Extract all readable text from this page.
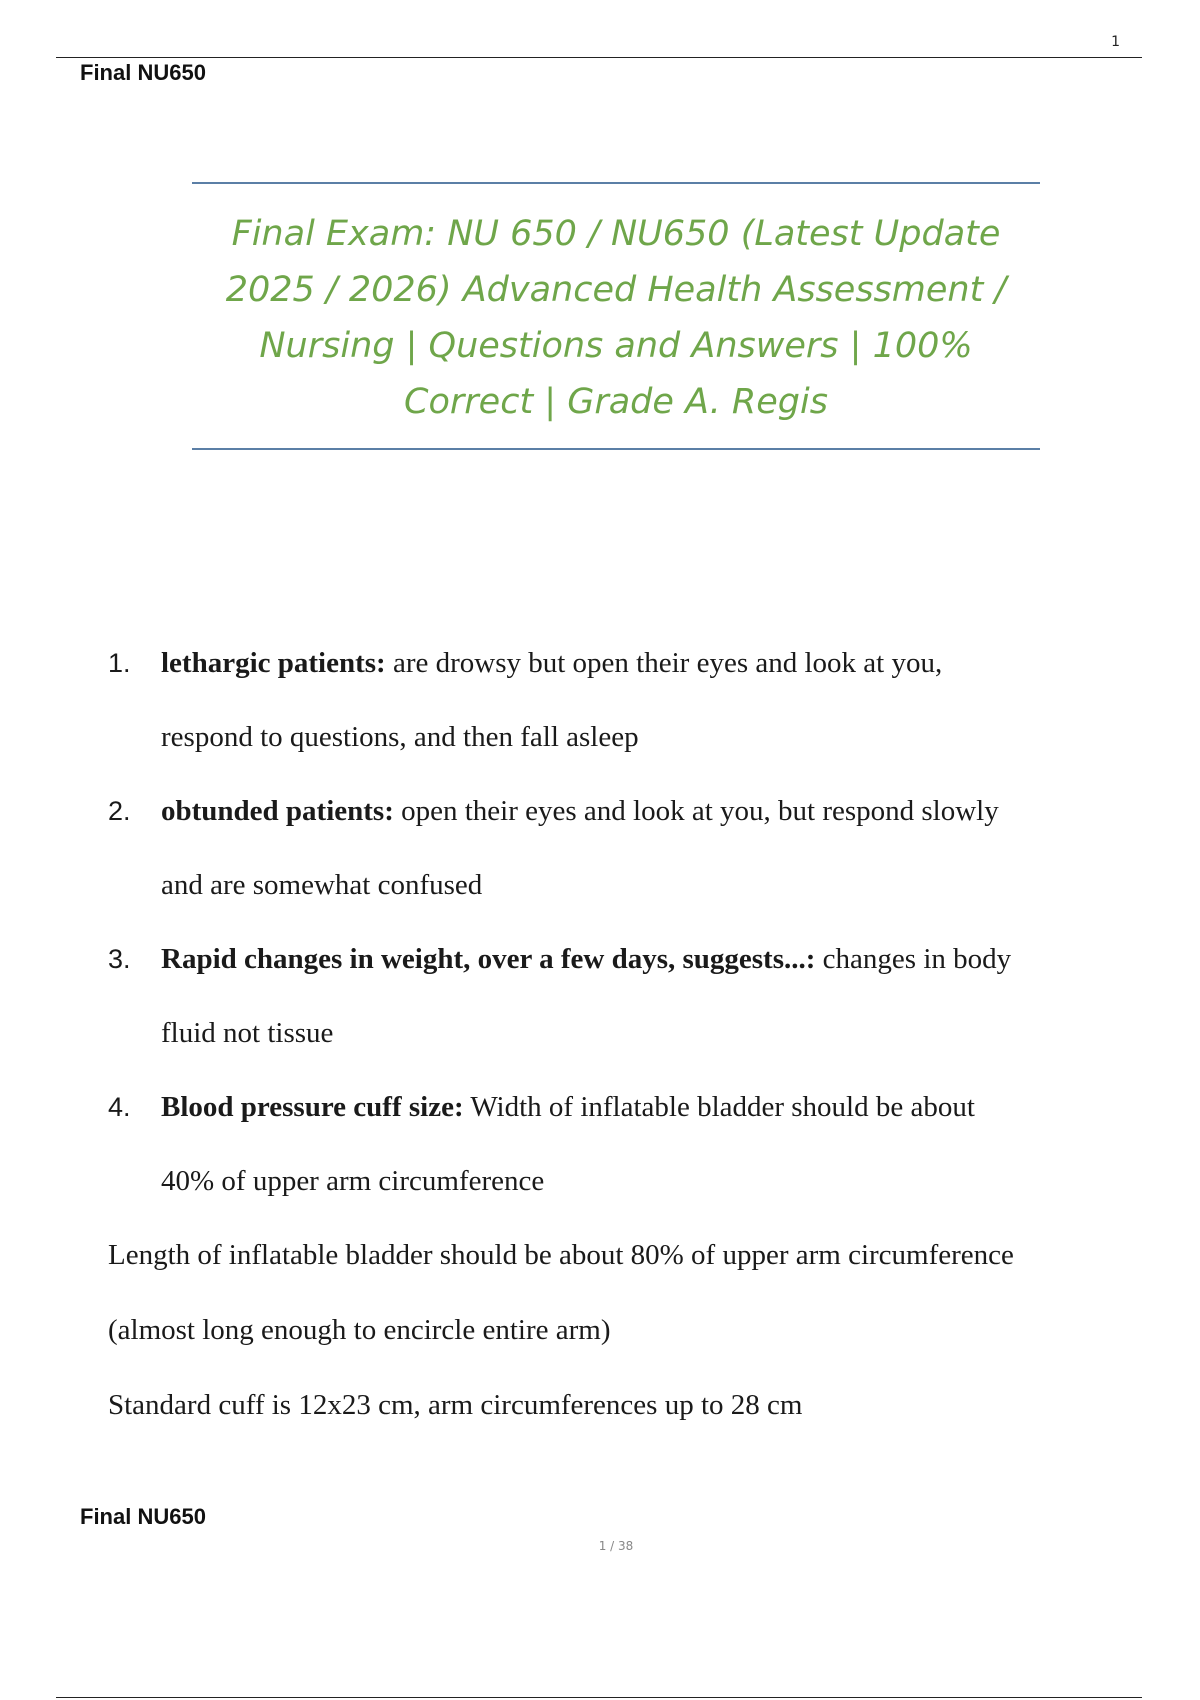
1
Final NU650

Final Exam: NU 650 / NU650 (Latest Update

2025 / 2026) Advanced Health Assessment /

Nursing | Questions and Answers | 100%

Correct | Grade A. Regis

1. lethargic patients: are drowsy but open their eyes and look at you,
respond to questions, and then fall asleep
2. obtunded patients: open their eyes and look at you, but respond slowly
and are somewhat confused
3. Rapid changes in weight, over a few days, suggests...: changes in body
fluid not tissue
4. Blood pressure cuff size: Width of inflatable bladder should be about
40% of upper arm circumference

Length of inflatable bladder should be about 80% of upper arm circumference

(almost long enough to encircle entire arm)

Standard cuff is 12x23 cm, arm circumferences up to 28 cm

Final NU650
1 / 38
